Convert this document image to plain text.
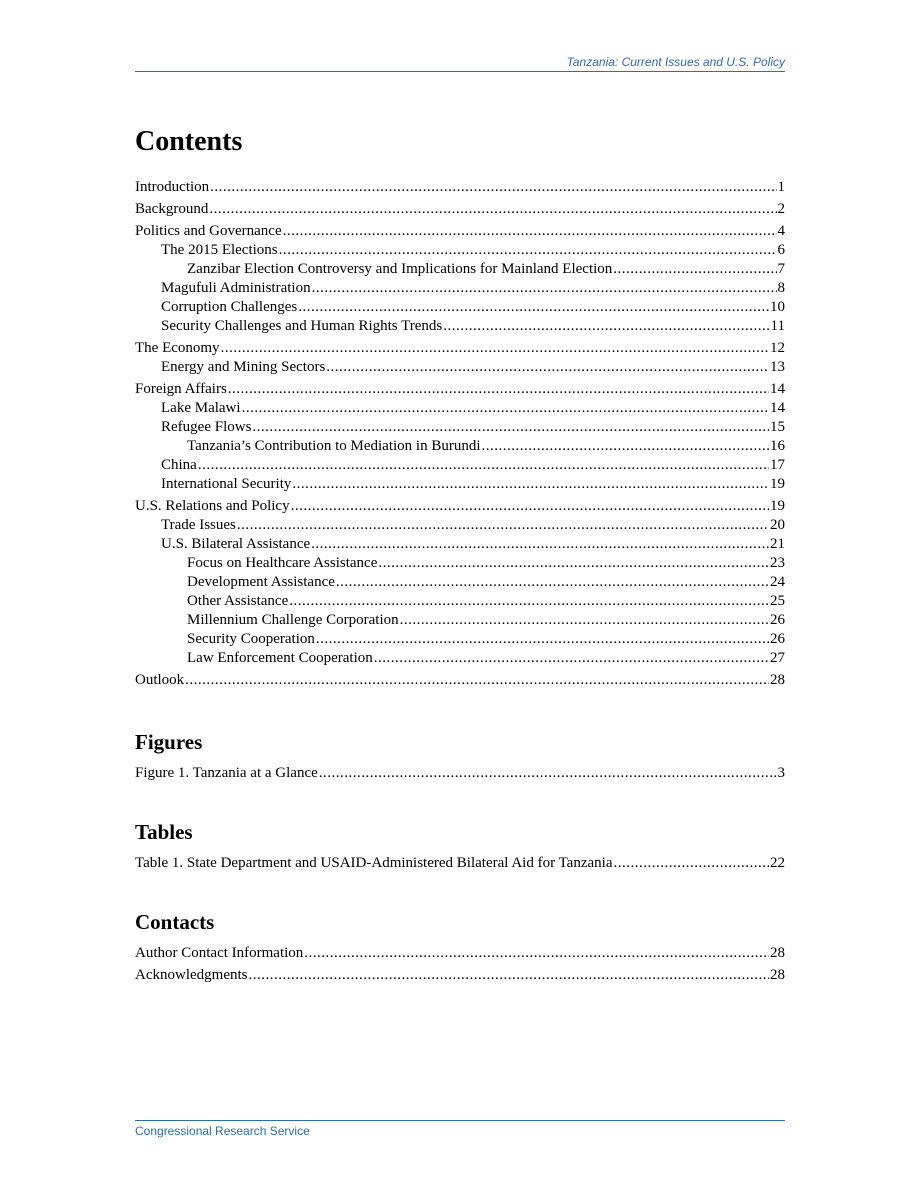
Tanzania: Current Issues and U.S. Policy
Contents
Introduction .....	1
Background .....	2
Politics and Governance .....	4
The 2015 Elections .....	6
Zanzibar Election Controversy and Implications for Mainland Election .....	7
Magufuli Administration .....	8
Corruption Challenges .....	10
Security Challenges and Human Rights Trends .....	11
The Economy .....	12
Energy and Mining Sectors .....	13
Foreign Affairs .....	14
Lake Malawi .....	14
Refugee Flows .....	15
Tanzania’s Contribution to Mediation in Burundi .....	16
China .....	17
International Security .....	19
U.S. Relations and Policy .....	19
Trade Issues .....	20
U.S. Bilateral Assistance .....	21
Focus on Healthcare Assistance .....	23
Development Assistance .....	24
Other Assistance .....	25
Millennium Challenge Corporation .....	26
Security Cooperation .....	26
Law Enforcement Cooperation .....	27
Outlook .....	28
Figures
Figure 1. Tanzania at a Glance .....	3
Tables
Table 1. State Department and USAID-Administered Bilateral Aid for Tanzania .....	22
Contacts
Author Contact Information .....	28
Acknowledgments .....	28
Congressional Research Service
